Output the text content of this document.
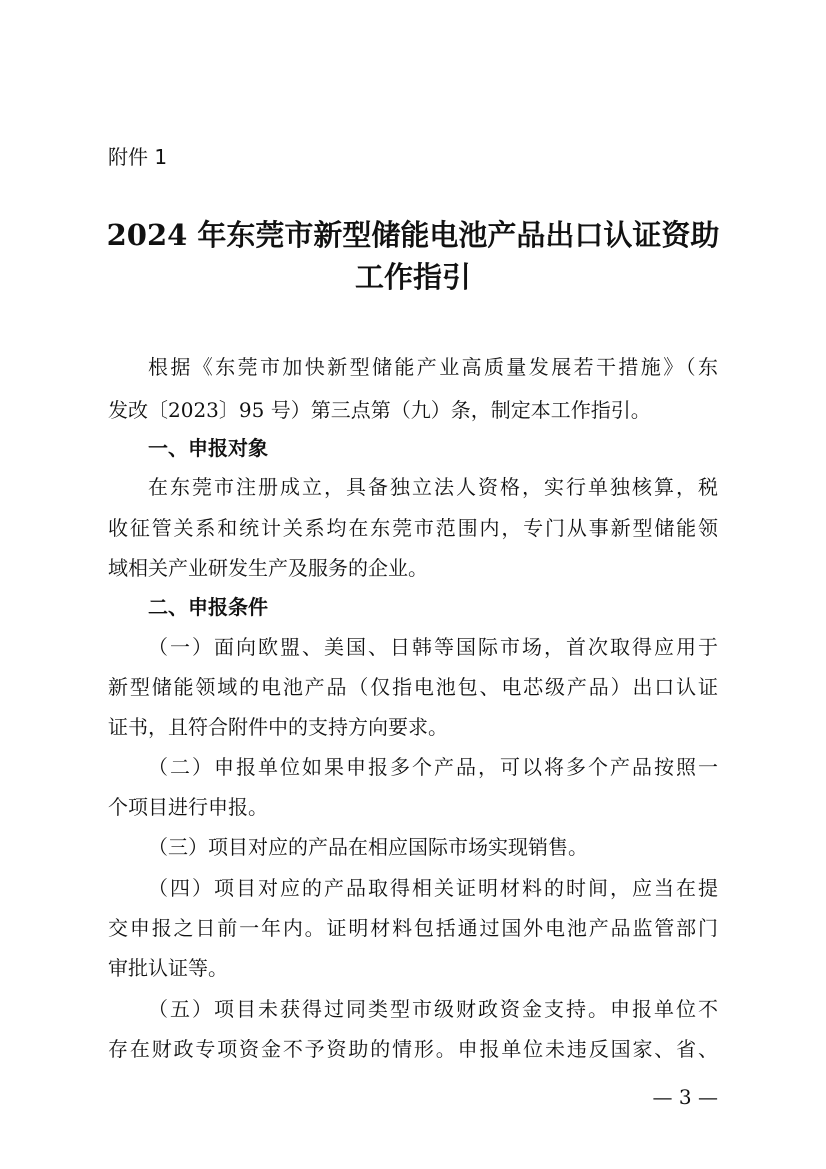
附件 1
2024 年东莞市新型储能电池产品出口认证资助
工作指引
根据《东莞市加快新型储能产业高质量发展若干措施》（东
发改〔2023〕95 号）第三点第（九）条，制定本工作指引。
一、申报对象
在东莞市注册成立，具备独立法人资格，实行单独核算，税
收征管关系和统计关系均在东莞市范围内，专门从事新型储能领
域相关产业研发生产及服务的企业。
二、申报条件
（一）面向欧盟、美国、日韩等国际市场，首次取得应用于
新型储能领域的电池产品（仅指电池包、电芯级产品）出口认证
证书，且符合附件中的支持方向要求。
（二）申报单位如果申报多个产品，可以将多个产品按照一
个项目进行申报。
（三）项目对应的产品在相应国际市场实现销售。
（四）项目对应的产品取得相关证明材料的时间，应当在提
交申报之日前一年内。证明材料包括通过国外电池产品监管部门
审批认证等。
（五）项目未获得过同类型市级财政资金支持。申报单位不
存在财政专项资金不予资助的情形。申报单位未违反国家、省、
— 3 —
